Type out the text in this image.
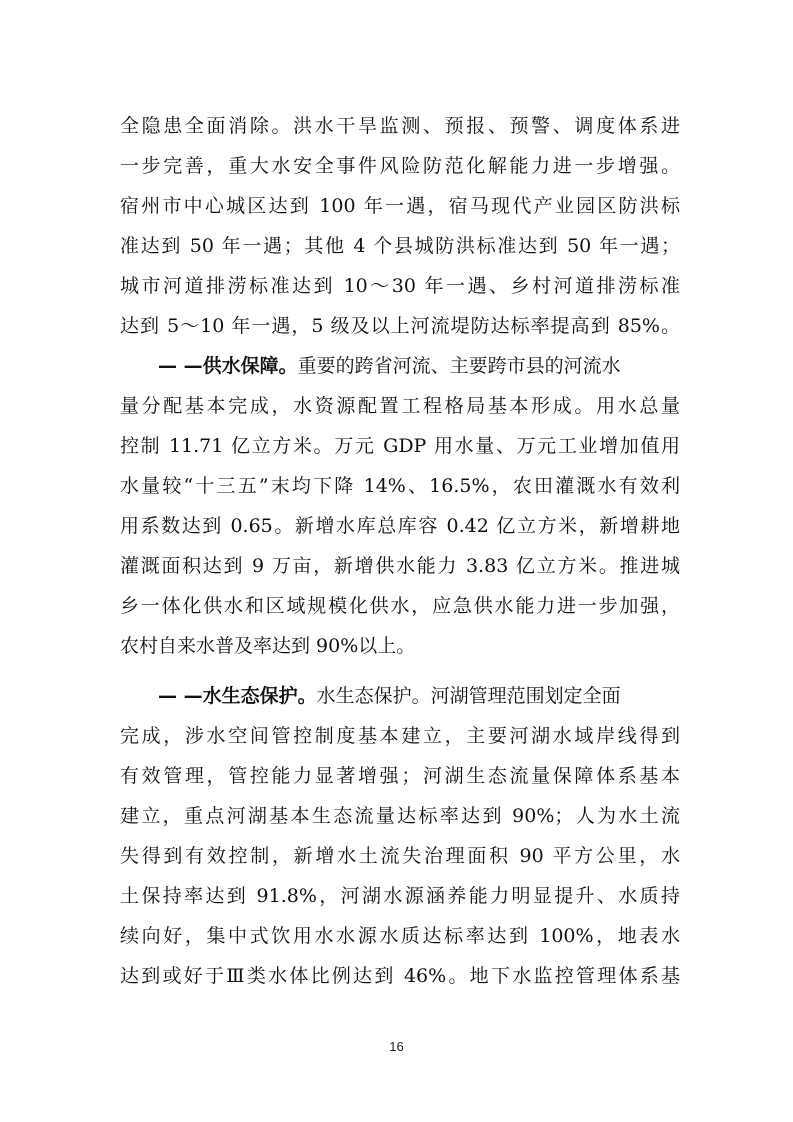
全隐患全面消除。洪水干旱监测、预报、预警、调度体系进
一步完善，重大水安全事件风险防范化解能力进一步增强。
宿州市中心城区达到 100 年一遇，宿马现代产业园区防洪标
准达到 50 年一遇；其他 4 个县城防洪标准达到 50 年一遇；
城市河道排涝标准达到 10～30 年一遇、乡村河道排涝标准
达到 5～10 年一遇，5 级及以上河流堤防达标率提高到 85%。
— —供水保障。重要的跨省河流、主要跨市县的河流水
量分配基本完成，水资源配置工程格局基本形成。用水总量
控制 11.71 亿立方米。万元 GDP 用水量、万元工业增加值用
水量较“十三五”末均下降 14%、16.5%，农田灌溉水有效利
用系数达到 0.65。新增水库总库容 0.42 亿立方米，新增耕地
灌溉面积达到 9 万亩，新增供水能力 3.83 亿立方米。推进城
乡一体化供水和区域规模化供水，应急供水能力进一步加强，
农村自来水普及率达到 90%以上。
— —水生态保护。水生态保护。河湖管理范围划定全面
完成，涉水空间管控制度基本建立，主要河湖水域岸线得到
有效管理，管控能力显著增强；河湖生态流量保障体系基本
建立，重点河湖基本生态流量达标率达到 90%；人为水土流
失得到有效控制，新增水土流失治理面积 90 平方公里，水
土保持率达到 91.8%，河湖水源涵养能力明显提升、水质持
续向好，集中式饮用水水源水质达标率达到 100%，地表水
达到或好于Ⅲ类水体比例达到 46%。地下水监控管理体系基
16
